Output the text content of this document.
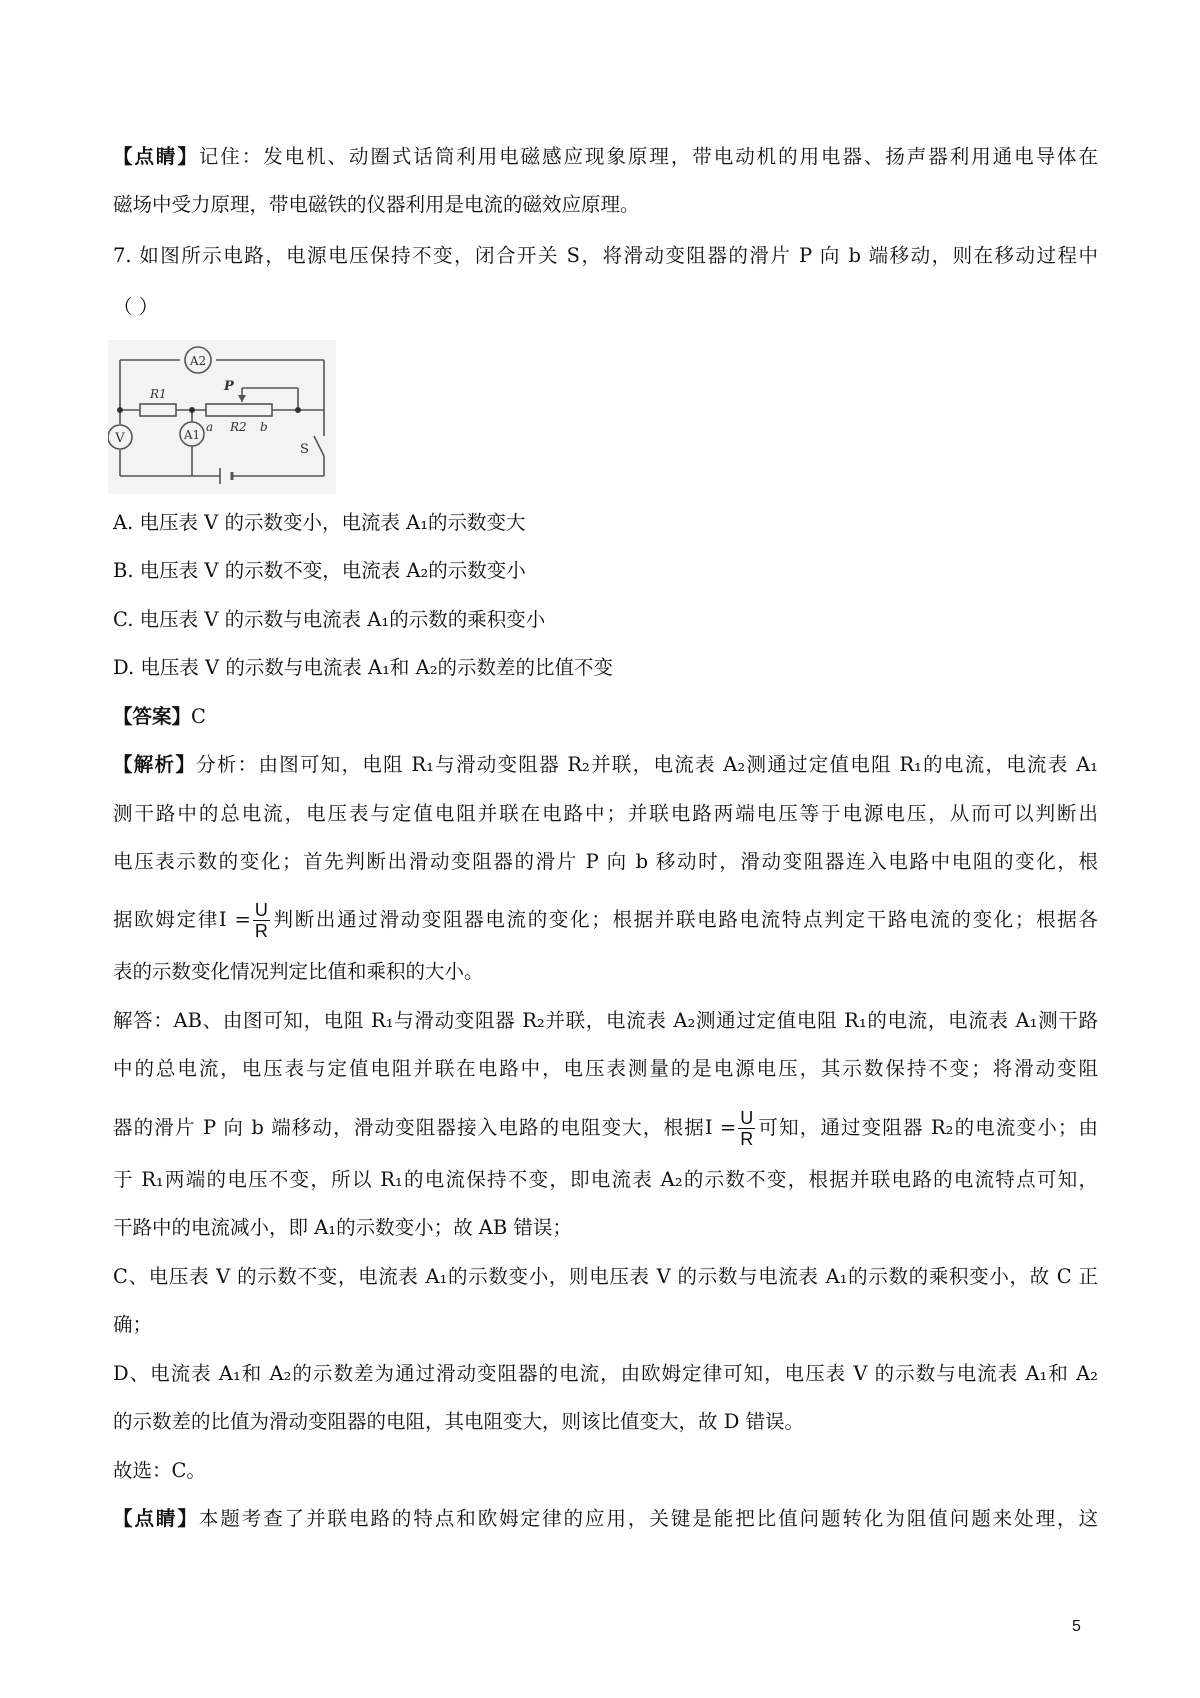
【点睛】记住：发电机、动圈式话筒利用电磁感应现象原理，带电动机的用电器、扬声器利用通电导体在
磁场中受力原理，带电磁铁的仪器利用是电流的磁效应原理。
7. 如图所示电路，电源电压保持不变，闭合开关 S，将滑动变阻器的滑片 P 向 b 端移动，则在移动过程中
（ ）
A2
V	A1
R1
R2
P
a	b
S
A. 电压表 V 的示数变小，电流表 A₁的示数变大
B. 电压表 V 的示数不变，电流表 A₂的示数变小
C. 电压表 V 的示数与电流表 A₁的示数的乘积变小
D. 电压表 V 的示数与电流表 A₁和 A₂的示数差的比值不变
【答案】C
【解析】分析：由图可知，电阻 R₁与滑动变阻器 R₂并联，电流表 A₂测通过定值电阻 R₁的电流，电流表 A₁
测干路中的总电流，电压表与定值电阻并联在电路中；并联电路两端电压等于电源电压，从而可以判断出
电压表示数的变化；首先判断出滑动变阻器的滑片 P 向 b 移动时，滑动变阻器连入电路中电阻的变化，根
据欧姆定律$I = \frac{U}{R}$ 判断出通过滑动变阻器电流的变化；根据并联电路电流特点判定干路电流的变化；根据各
表的示数变化情况判定比值和乘积的大小。
解答：AB、由图可知，电阻 R₁与滑动变阻器 R₂并联，电流表 A₂测通过定值电阻 R₁的电流，电流表 A₁测干路
中的总电流，电压表与定值电阻并联在电路中，电压表测量的是电源电压，其示数保持不变；将滑动变阻
器的滑片 P 向 b 端移动，滑动变阻器接入电路的电阻变大，根据$I = \frac{U}{R}$ 可知，通过变阻器 R₂的电流变小；由
于 R₁两端的电压不变，所以 R₁的电流保持不变，即电流表 A₂的示数不变，根据并联电路的电流特点可知，
干路中的电流减小，即 A₁的示数变小；故 AB 错误；
C、电压表 V 的示数不变，电流表 A₁的示数变小，则电压表 V 的示数与电流表 A₁的示数的乘积变小，故 C 正
确；
D、电流表 A₁和 A₂的示数差为通过滑动变阻器的电流，由欧姆定律可知，电压表 V 的示数与电流表 A₁和 A₂
的示数差的比值为滑动变阻器的电阻，其电阻变大，则该比值变大，故 D 错误。
故选：C。
【点睛】本题考查了并联电路的特点和欧姆定律的应用，关键是能把比值问题转化为阻值问题来处理，这
5
